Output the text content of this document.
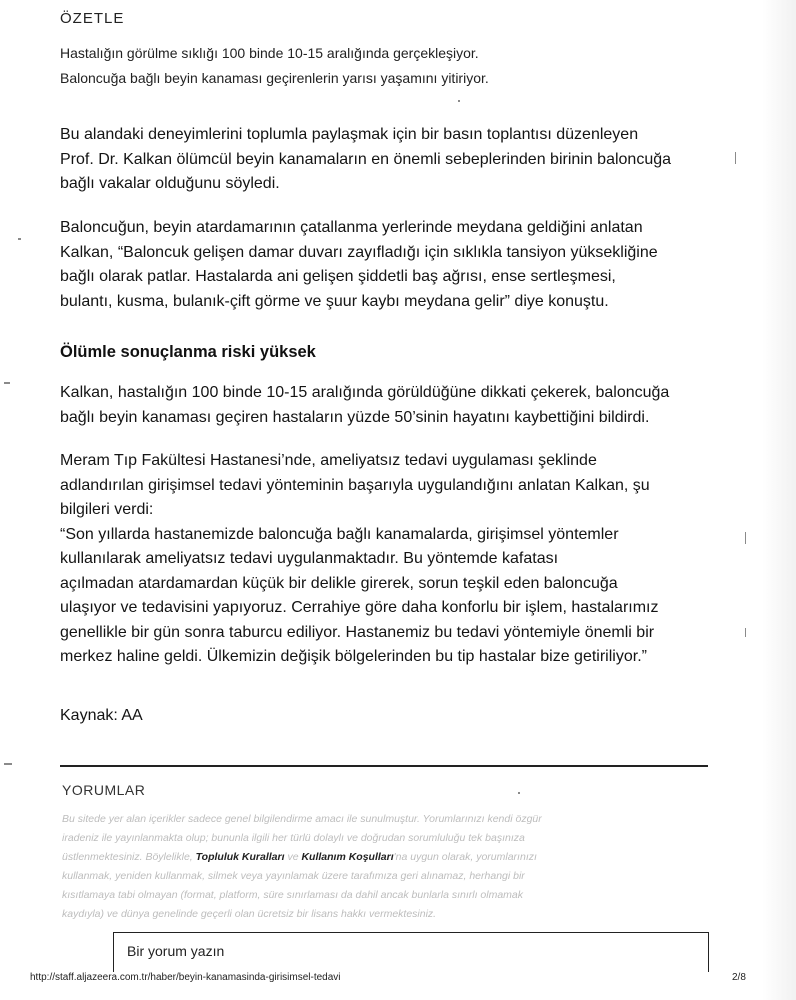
ÖZETLE
Hastalığın görülme sıklığı 100 binde 10-15 aralığında gerçekleşiyor.
Baloncuğa bağlı beyin kanaması geçirenlerin yarısı yaşamını yitiriyor.
Bu alandaki deneyimlerini toplumla paylaşmak için bir basın toplantısı düzenleyen
Prof. Dr. Kalkan ölümcül beyin kanamaların en önemli sebeplerinden birinin baloncuğa
bağlı vakalar olduğunu söyledi.
Baloncuğun, beyin atardamarının çatallanma yerlerinde meydana geldiğini anlatan
Kalkan, “Baloncuk gelişen damar duvarı zayıfladığı için sıklıkla tansiyon yüksekliğine
bağlı olarak patlar. Hastalarda ani gelişen şiddetli baş ağrısı, ense sertleşmesi,
bulantı, kusma, bulanık-çift görme ve şuur kaybı meydana gelir” diye konuştu.
Ölümle sonuçlanma riski yüksek
Kalkan, hastalığın 100 binde 10-15 aralığında görüldüğüne dikkati çekerek, baloncuğa
bağlı beyin kanaması geçiren hastaların yüzde 50’sinin hayatını kaybettiğini bildirdi.
Meram Tıp Fakültesi Hastanesi’nde, ameliyatsız tedavi uygulaması şeklinde
adlandırılan girişimsel tedavi yönteminin başarıyla uygulandığını anlatan Kalkan, şu
bilgileri verdi:
“Son yıllarda hastanemizde baloncuğa bağlı kanamalarda, girişimsel yöntemler
kullanılarak ameliyatsız tedavi uygulanmaktadır. Bu yöntemde kafatası
açılmadan atardamardan küçük bir delikle girerek, sorun teşkil eden baloncuğa
ulaşıyor ve tedavisini yapıyoruz. Cerrahiye göre daha konforlu bir işlem, hastalarımız
genellikle bir gün sonra taburcu ediliyor. Hastanemiz bu tedavi yöntemiyle önemli bir
merkez haline geldi. Ülkemizin değişik bölgelerinden bu tip hastalar bize getiriliyor.”
Kaynak: AA
YORUMLAR
Bu sitede yer alan içerikler sadece genel bilgilendirme amacı ile sunulmuştur. Yorumlarınızı kendi özgür
iradeniz ile yayınlanmakta olup; bununla ilgili her türlü dolaylı ve doğrudan sorumluluğu tek başınıza
üstlenmektesiniz. Böylelikle, Topluluk Kuralları ve Kullanım Koşulları'na uygun olarak, yorumlarınızı
kullanmak, yeniden kullanmak, silmek veya yayınlamak üzere tarafımıza geri alınamaz, herhangi bir
kısıtlamaya tabi olmayan (format, platform, süre sınırlaması da dahil ancak bunlarla sınırlı olmamak
kaydıyla) ve dünya genelinde geçerli olan ücretsiz bir lisans hakkı vermektesiniz.
Bir yorum yazın
http://staff.aljazeera.com.tr/haber/beyin-kanamasinda-girisimsel-tedavi	2/8
